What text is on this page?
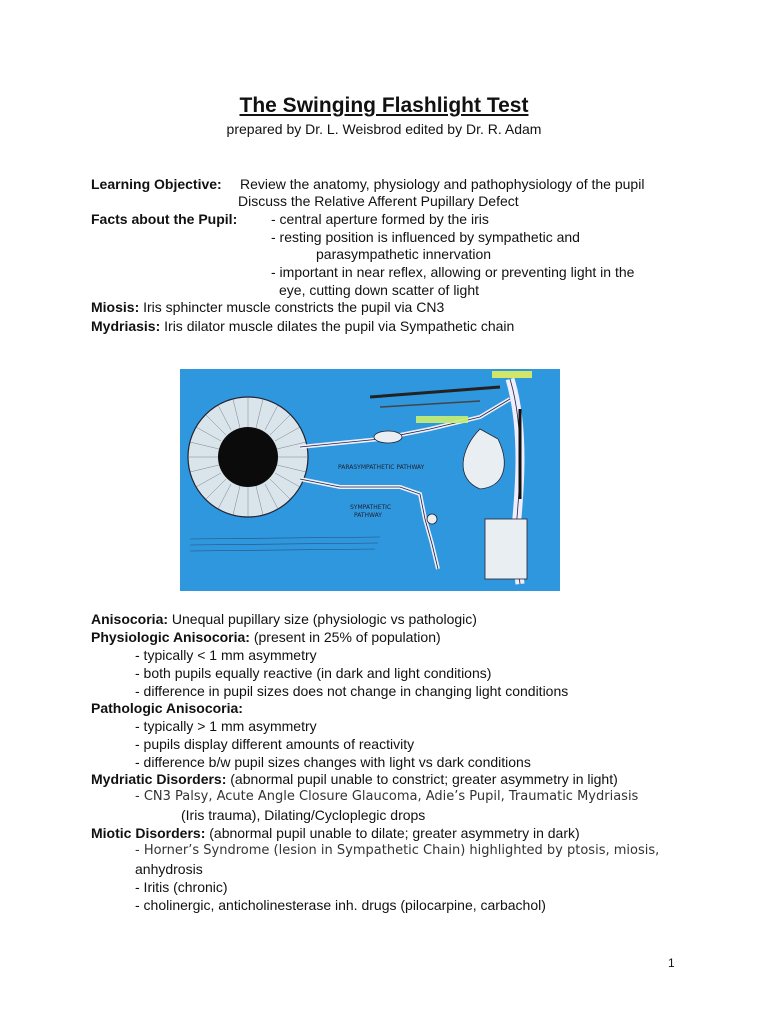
The Swinging Flashlight Test
prepared by Dr. L. Weisbrod edited by Dr. R. Adam
Learning Objective: Review the anatomy, physiology and pathophysiology of the pupil
Discuss the Relative Afferent Pupillary Defect
Facts about the Pupil: - central aperture formed by the iris
- resting position is influenced by sympathetic and
parasympathetic innervation
- important in near reflex, allowing or preventing light in the
eye, cutting down scatter of light
Miosis: Iris sphincter muscle constricts the pupil via CN3
Mydriasis: Iris dilator muscle dilates the pupil via Sympathetic chain
PARASYMPATHETIC PATHWAY
SYMPATHETIC
PATHWAY
Anisocoria: Unequal pupillary size (physiologic vs pathologic)
Physiologic Anisocoria: (present in 25% of population)
- typically < 1 mm asymmetry
- both pupils equally reactive (in dark and light conditions)
- difference in pupil sizes does not change in changing light conditions
Pathologic Anisocoria:
- typically > 1 mm asymmetry
- pupils display different amounts of reactivity
- difference b/w pupil sizes changes with light vs dark conditions
Mydriatic Disorders: (abnormal pupil unable to constrict; greater asymmetry in light)
- CN3 Palsy, Acute Angle Closure Glaucoma, Adie’s Pupil, Traumatic Mydriasis
(Iris trauma), Dilating/Cycloplegic drops
Miotic Disorders: (abnormal pupil unable to dilate; greater asymmetry in dark)
- Horner’s Syndrome (lesion in Sympathetic Chain) highlighted by ptosis, miosis,
anhydrosis
- Iritis (chronic)
- cholinergic, anticholinesterase inh. drugs (pilocarpine, carbachol)
1
